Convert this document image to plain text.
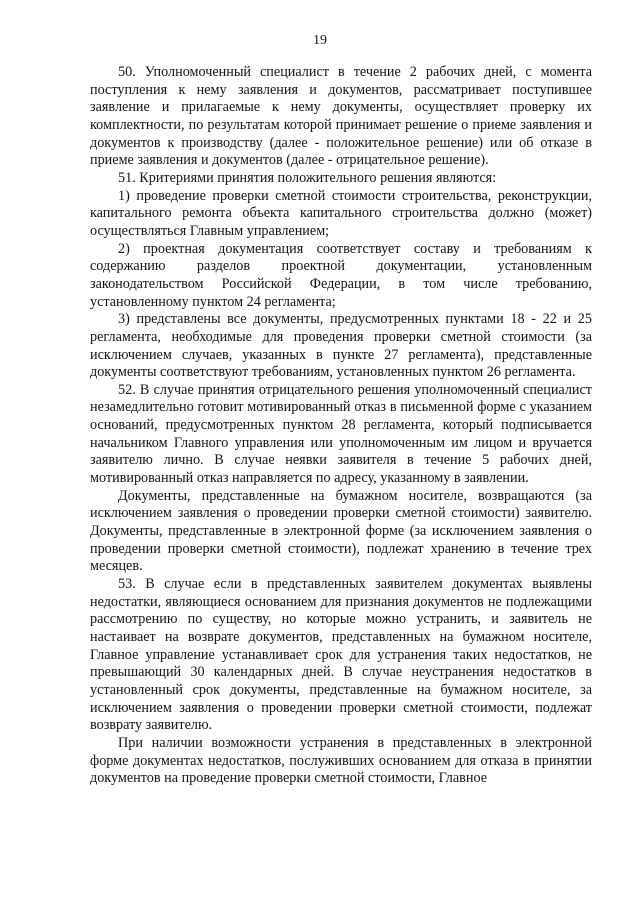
19

50. Уполномоченный специалист в течение 2 рабочих дней, с момента поступления к нему заявления и документов, рассматривает поступившее заявление и прилагаемые к нему документы, осуществляет проверку их комплектности, по результатам которой принимает решение о приеме заявления и документов к производству (далее - положительное решение) или об отказе в приеме заявления и документов (далее - отрицательное решение).

51. Критериями принятия положительного решения являются:

1) проведение проверки сметной стоимости строительства, реконструкции, капитального ремонта объекта капитального строительства должно (может) осуществляться Главным управлением;

2) проектная документация соответствует составу и требованиям к содержанию разделов проектной документации, установленным законодательством Российской Федерации, в том числе требованию, установленному пунктом 24 регламента;

3) представлены все документы, предусмотренных пунктами 18 - 22 и 25 регламента, необходимые для проведения проверки сметной стоимости (за исключением случаев, указанных в пункте 27 регламента), представленные документы соответствуют требованиям, установленных пунктом 26 регламента.

52. В случае принятия отрицательного решения уполномоченный специалист незамедлительно готовит мотивированный отказ в письменной форме с указанием оснований, предусмотренных пунктом 28 регламента, который подписывается начальником Главного управления или уполномоченным им лицом и вручается заявителю лично. В случае неявки заявителя в течение 5 рабочих дней, мотивированный отказ направляется по адресу, указанному в заявлении.

Документы, представленные на бумажном носителе, возвращаются (за исключением заявления о проведении проверки сметной стоимости) заявителю. Документы, представленные в электронной форме (за исключением заявления о проведении проверки сметной стоимости), подлежат хранению в течение трех месяцев.

53. В случае если в представленных заявителем документах выявлены недостатки, являющиеся основанием для признания документов не подлежащими рассмотрению по существу, но которые можно устранить, и заявитель не настаивает на возврате документов, представленных на бумажном носителе, Главное управление устанавливает срок для устранения таких недостатков, не превышающий 30 календарных дней. В случае неустранения недостатков в установленный срок документы, представленные на бумажном носителе, за исключением заявления о проведении проверки сметной стоимости, подлежат возврату заявителю.

При наличии возможности устранения в представленных в электронной форме документах недостатков, послуживших основанием для отказа в принятии документов на проведение проверки сметной стоимости, Главное
